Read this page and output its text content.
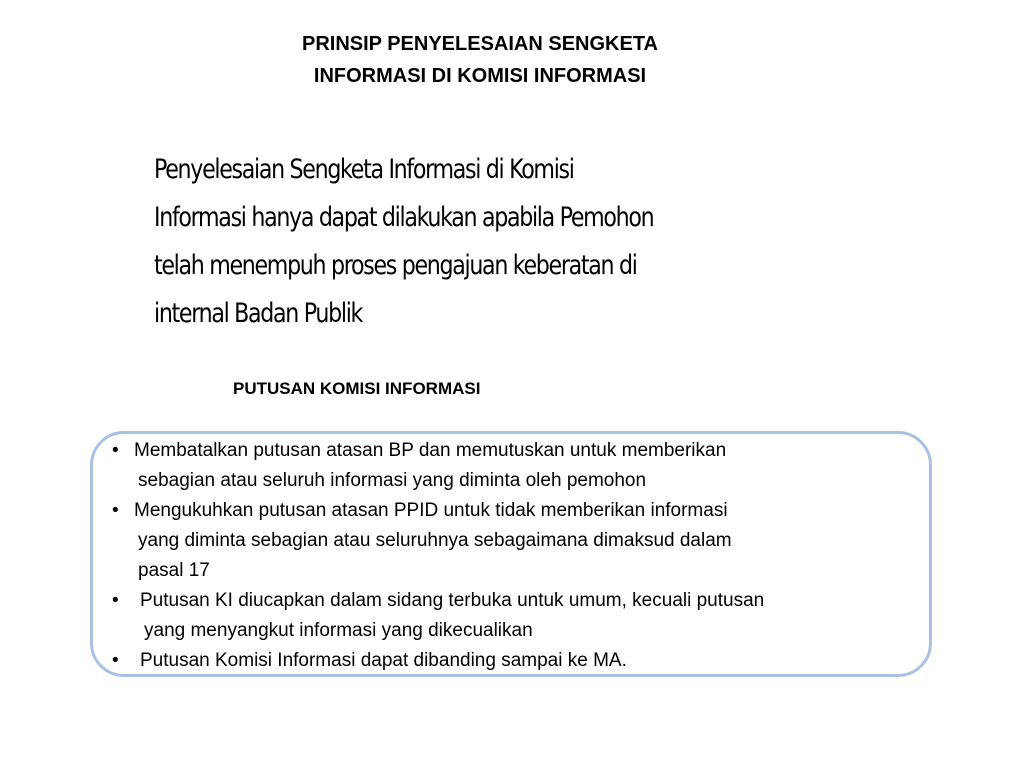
PRINSIP PENYELESAIAN SENGKETA
INFORMASI DI KOMISI INFORMASI

Penyelesaian Sengketa Informasi di Komisi
Informasi hanya dapat dilakukan apabila Pemohon
telah menempuh proses pengajuan keberatan di
internal Badan Publik

PUTUSAN KOMISI INFORMASI
• Membatalkan putusan atasan BP dan memutuskan untuk memberikan
sebagian atau seluruh informasi yang diminta oleh pemohon
• Mengukuhkan putusan atasan PPID untuk tidak memberikan informasi
yang diminta sebagian atau seluruhnya sebagaimana dimaksud dalam
pasal 17
• Putusan KI diucapkan dalam sidang terbuka untuk umum, kecuali putusan
yang menyangkut informasi yang dikecualikan
• Putusan Komisi Informasi dapat dibanding sampai ke MA.
